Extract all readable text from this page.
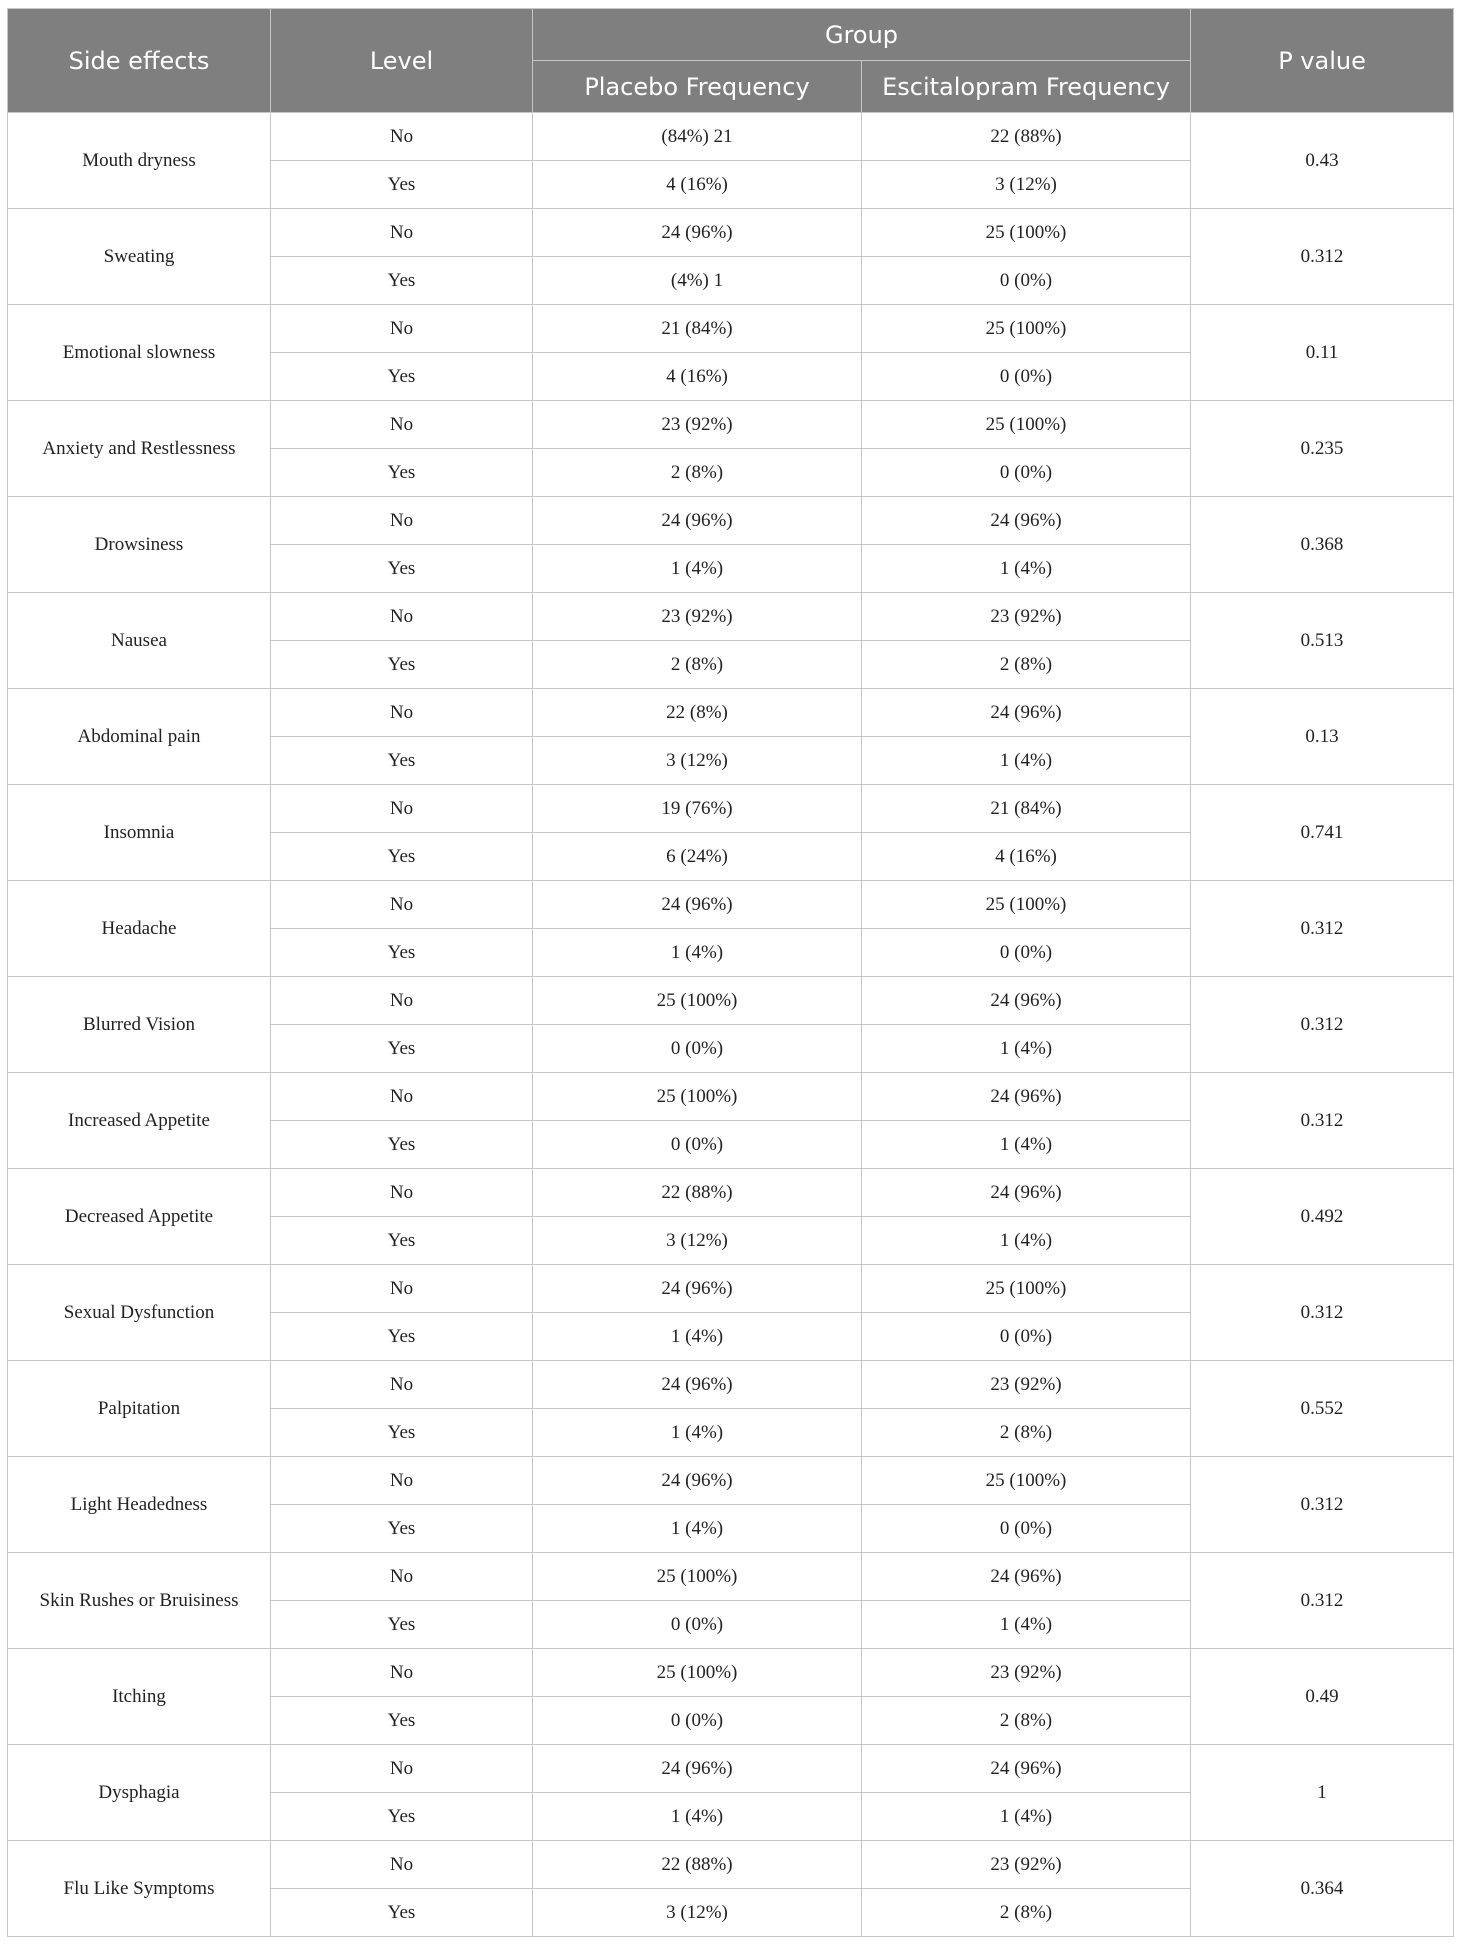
Side effects	Level	Group		P value
		Placebo Frequency	Escitalopram Frequency	
Mouth dryness	No	(84%) 21	22 (88%)	0.43
	Yes	4 (16%)	3 (12%)	
Sweating	No	24 (96%)	25 (100%)	0.312
	Yes	(4%) 1	0 (0%)	
Emotional slowness	No	21 (84%)	25 (100%)	0.11
	Yes	4 (16%)	0 (0%)	
Anxiety and Restlessness	No	23 (92%)	25 (100%)	0.235
	Yes	2 (8%)	0 (0%)	
Drowsiness	No	24 (96%)	24 (96%)	0.368
	Yes	1 (4%)	1 (4%)	
Nausea	No	23 (92%)	23 (92%)	0.513
	Yes	2 (8%)	2 (8%)	
Abdominal pain	No	22 (8%)	24 (96%)	0.13
	Yes	3 (12%)	1 (4%)	
Insomnia	No	19 (76%)	21 (84%)	0.741
	Yes	6 (24%)	4 (16%)	
Headache	No	24 (96%)	25 (100%)	0.312
	Yes	1 (4%)	0 (0%)	
Blurred Vision	No	25 (100%)	24 (96%)	0.312
	Yes	0 (0%)	1 (4%)	
Increased Appetite	No	25 (100%)	24 (96%)	0.312
	Yes	0 (0%)	1 (4%)	
Decreased Appetite	No	22 (88%)	24 (96%)	0.492
	Yes	3 (12%)	1 (4%)	
Sexual Dysfunction	No	24 (96%)	25 (100%)	0.312
	Yes	1 (4%)	0 (0%)	
Palpitation	No	24 (96%)	23 (92%)	0.552
	Yes	1 (4%)	2 (8%)	
Light Headedness	No	24 (96%)	25 (100%)	0.312
	Yes	1 (4%)	0 (0%)	
Skin Rushes or Bruisiness	No	25 (100%)	24 (96%)	0.312
	Yes	0 (0%)	1 (4%)	
Itching	No	25 (100%)	23 (92%)	0.49
	Yes	0 (0%)	2 (8%)	
Dysphagia	No	24 (96%)	24 (96%)	1
	Yes	1 (4%)	1 (4%)	
Flu Like Symptoms	No	22 (88%)	23 (92%)	0.364
	Yes	3 (12%)	2 (8%)	
